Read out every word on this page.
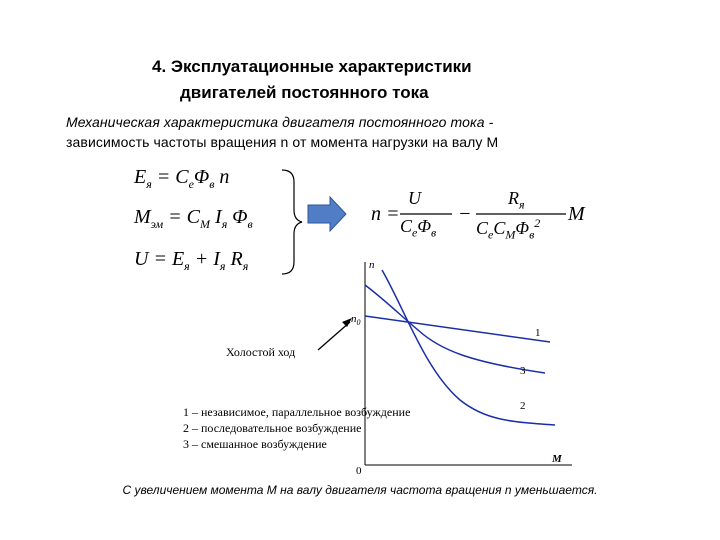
4. Эксплуатационные характеристики
двигателей постоянного тока
Механическая характеристика двигателя постоянного тока -
зависимость частоты вращения n от момента нагрузки на валу M
$E_я = C_e\Phi_в$ n
$M_{эм} = C_M$ $I_я$ $\Phi_в$
$U = E_я + I_я$ $R_я$
n =
U
$C_e\Phi_в$
−
$R_я$
$C_eC_M\Phi_в^2$ M
n
M
0
$n_0$
1
2
3
Холостой ход
1 – независимое, параллельное возбуждение
2 – последовательное возбуждение
3 – смешанное возбуждение
С увеличением момента М на валу двигателя частота вращения n уменьшается.
